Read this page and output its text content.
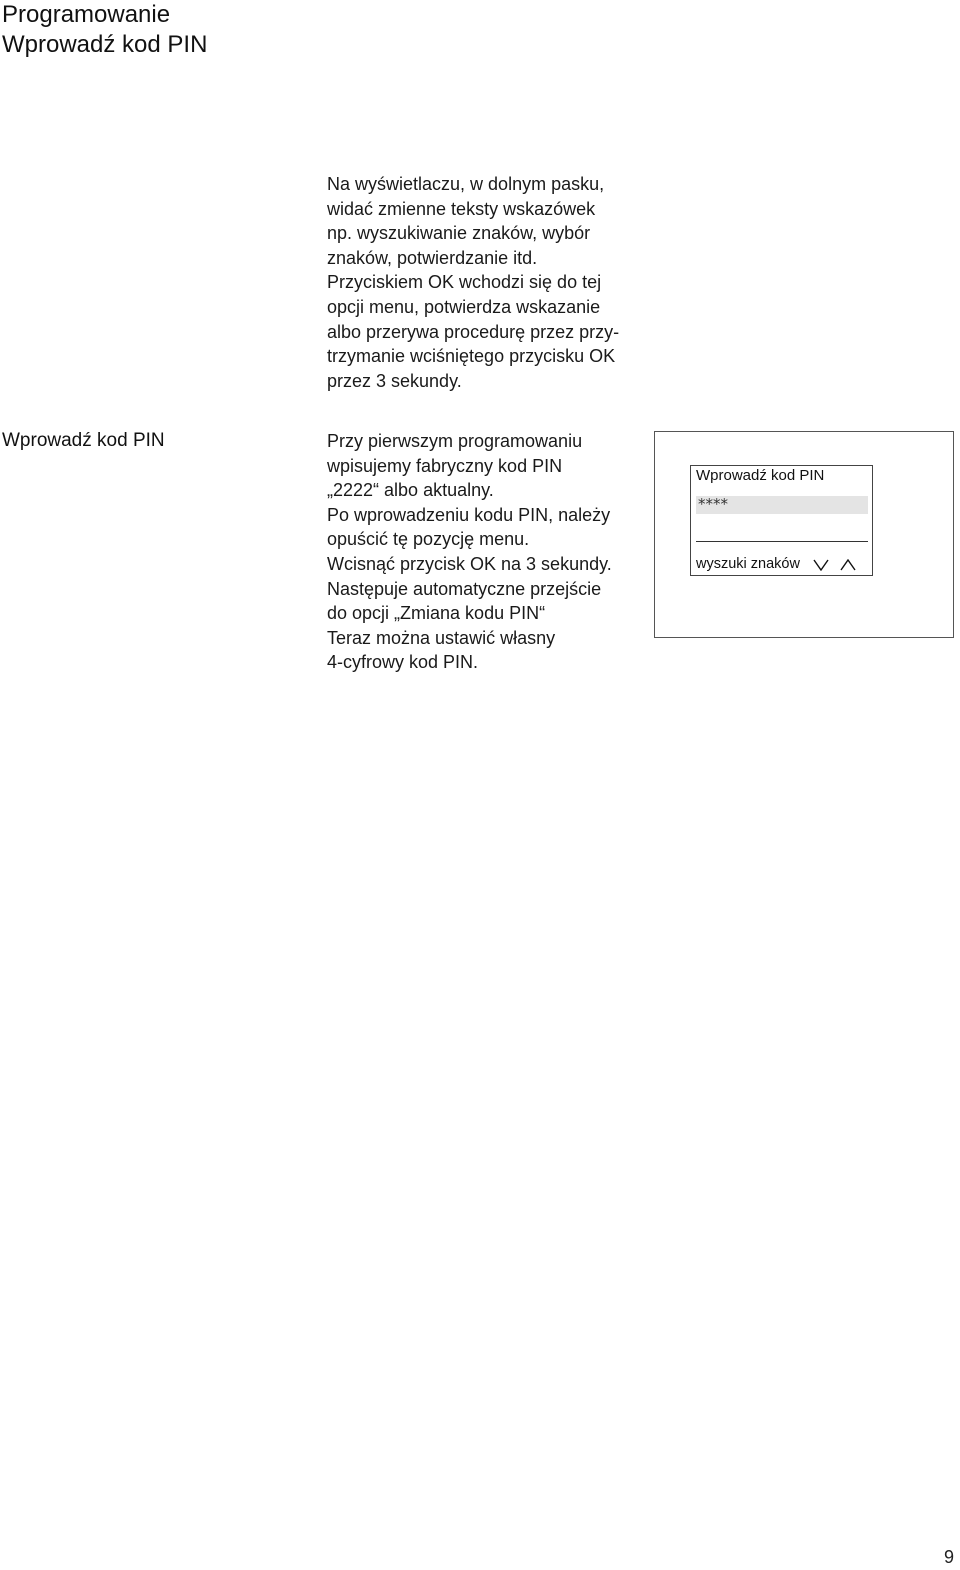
Programowanie
Wprowadź kod PIN
Na wyświetlaczu, w dolnym pasku,
widać zmienne teksty wskazówek
np. wyszukiwanie znaków, wybór
znaków, potwierdzanie itd.
Przyciskiem OK wchodzi się do tej
opcji menu, potwierdza wskazanie
albo przerywa procedurę przez przy-
trzymanie wciśniętego przycisku OK
przez 3 sekundy.
Wprowadź kod PIN	Przy pierwszym programowaniu
wpisujemy fabryczny kod PIN
„2222“ albo aktualny.
Po wprowadzeniu kodu PIN, należy
opuścić tę pozycję menu.
Wcisnąć przycisk OK na 3 sekundy.
Następuje automatyczne przejście
do opcji „Zmiana kodu PIN“
Teraz można ustawić własny
4-cyfrowy kod PIN.
Wprowadź kod PIN
****
wyszuki znaków
9
